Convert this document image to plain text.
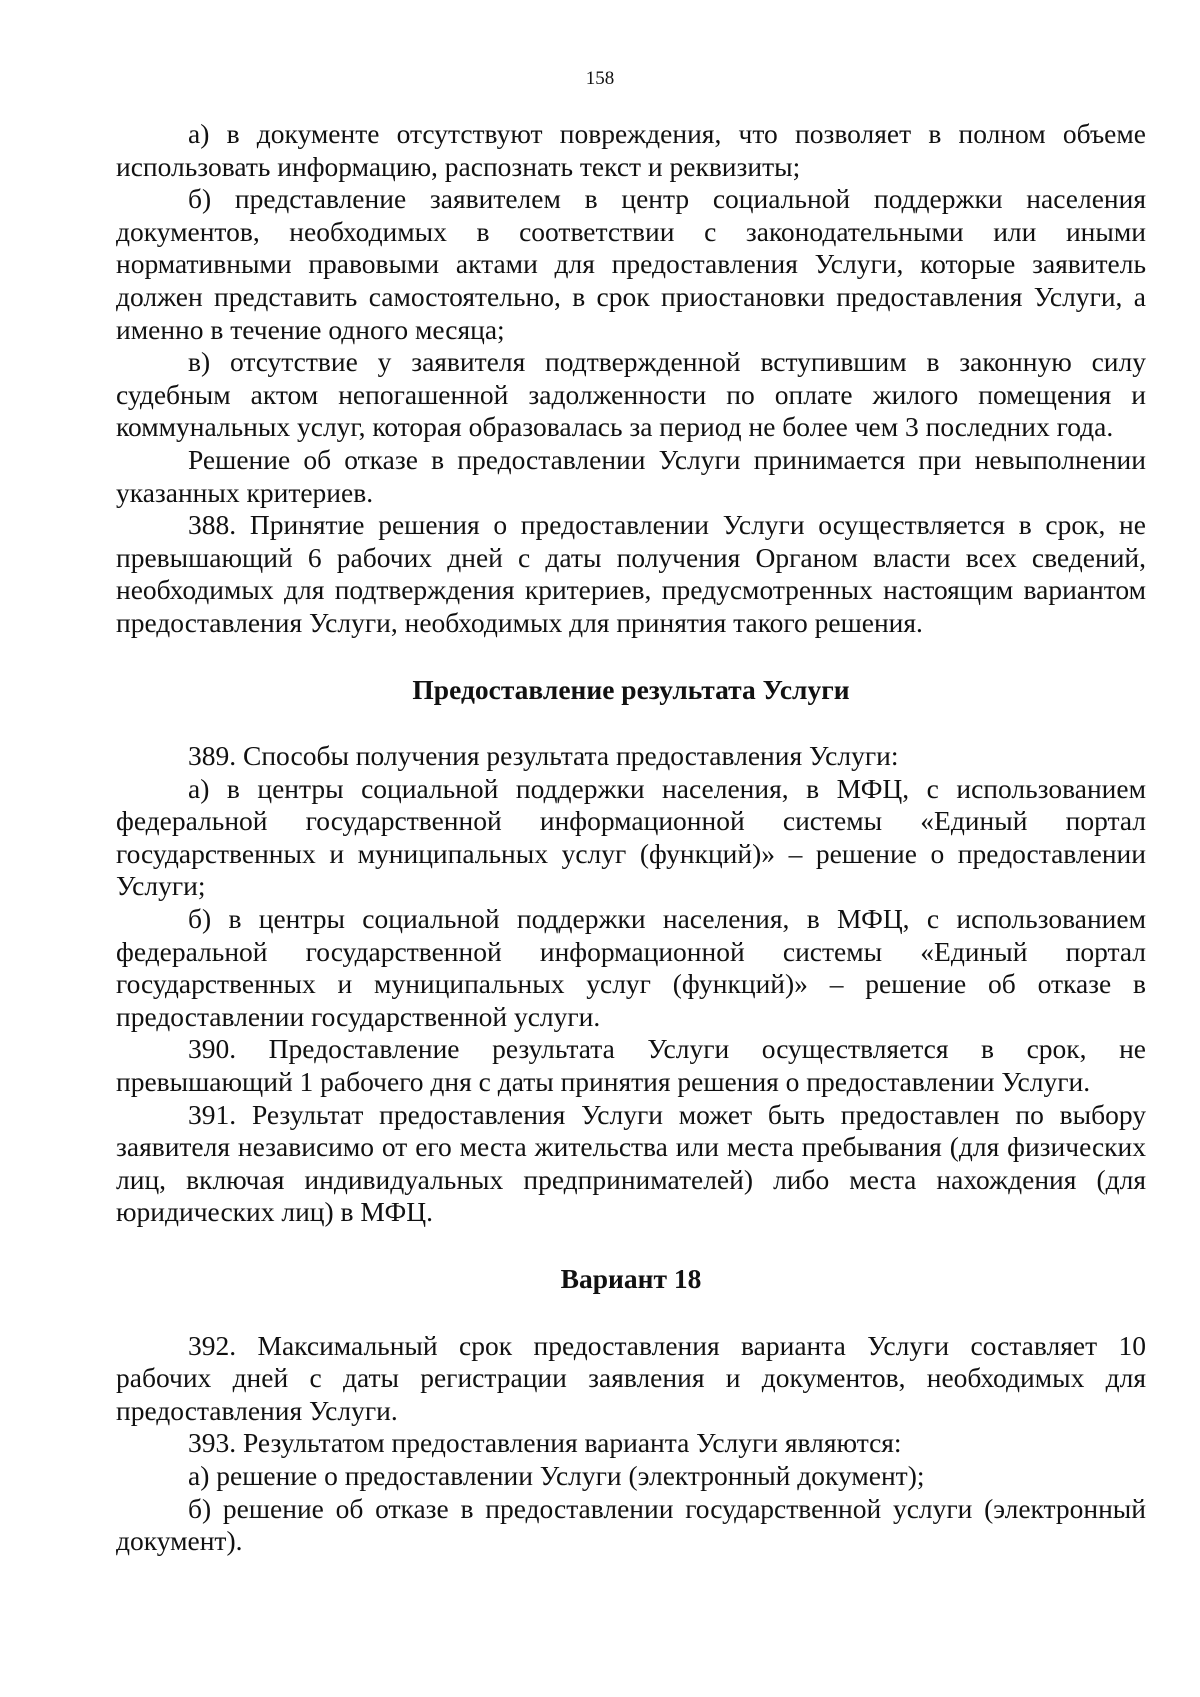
158

а) в документе отсутствуют повреждения, что позволяет в полном объеме использовать информацию, распознать текст и реквизиты;

б) представление заявителем в центр социальной поддержки населения документов, необходимых в соответствии с законодательными или иными нормативными правовыми актами для предоставления Услуги, которые заявитель должен представить самостоятельно, в срок приостановки предоставления Услуги, а именно в течение одного месяца;

в) отсутствие у заявителя подтвержденной вступившим в законную силу судебным актом непогашенной задолженности по оплате жилого помещения и коммунальных услуг, которая образовалась за период не более чем 3 последних года.

Решение об отказе в предоставлении Услуги принимается при невыполнении указанных критериев.

388. Принятие решения о предоставлении Услуги осуществляется в срок, не превышающий 6 рабочих дней с даты получения Органом власти всех сведений, необходимых для подтверждения критериев, предусмотренных настоящим вариантом предоставления Услуги, необходимых для принятия такого решения.

Предоставление результата Услуги

389. Способы получения результата предоставления Услуги:

а) в центры социальной поддержки населения, в МФЦ, с использованием федеральной государственной информационной системы «Единый портал государственных и муниципальных услуг (функций)» – решение о предоставлении Услуги;

б) в центры социальной поддержки населения, в МФЦ, с использованием федеральной государственной информационной системы «Единый портал государственных и муниципальных услуг (функций)» – решение об отказе в предоставлении государственной услуги.

390. Предоставление результата Услуги осуществляется в срок, не превышающий 1 рабочего дня с даты принятия решения о предоставлении Услуги.

391. Результат предоставления Услуги может быть предоставлен по выбору заявителя независимо от его места жительства или места пребывания (для физических лиц, включая индивидуальных предпринимателей) либо места нахождения (для юридических лиц) в МФЦ.

Вариант 18

392. Максимальный срок предоставления варианта Услуги составляет 10 рабочих дней с даты регистрации заявления и документов, необходимых для предоставления Услуги.

393. Результатом предоставления варианта Услуги являются:

а) решение о предоставлении Услуги (электронный документ);

б) решение об отказе в предоставлении государственной услуги (электронный документ).
